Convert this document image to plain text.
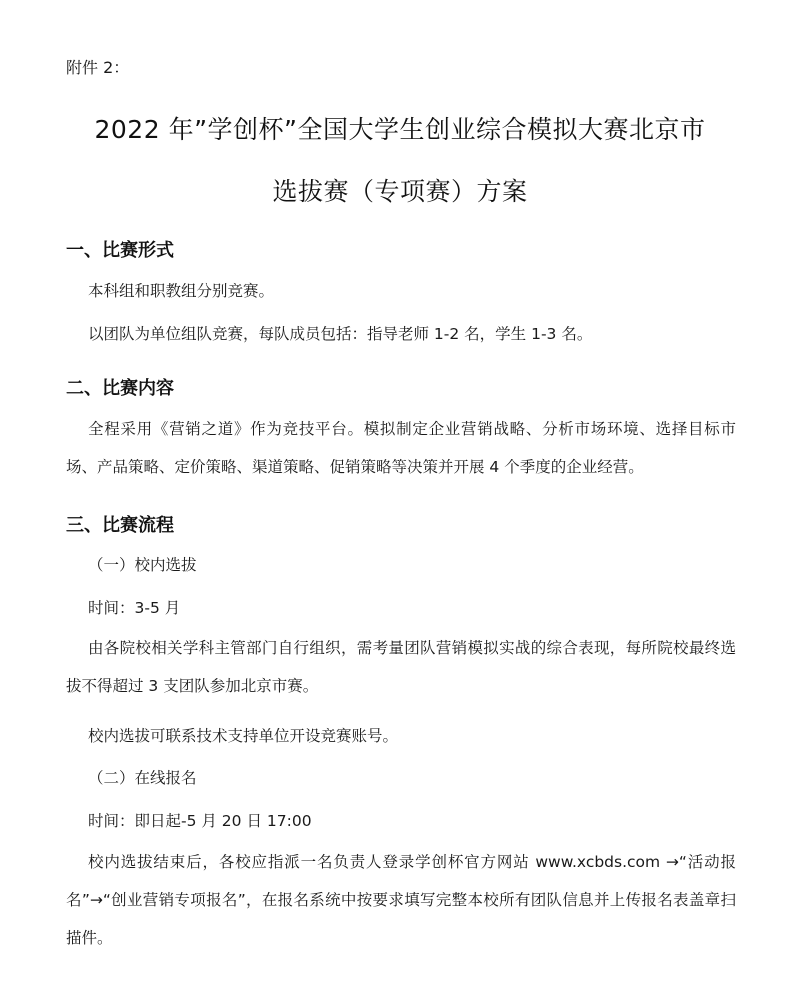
附件 2：
2022 年”学创杯”全国大学生创业综合模拟大赛北京市
选拔赛（专项赛）方案
一、比赛形式
本科组和职教组分别竞赛。
以团队为单位组队竞赛，每队成员包括：指导老师 1-2 名，学生 1-3 名。
二、比赛内容
全程采用《营销之道》作为竞技平台。模拟制定企业营销战略、分析市场环境、选择目标市场、产品策略、定价策略、渠道策略、促销策略等决策并开展 4 个季度的企业经营。
三、比赛流程
（一）校内选拔
时间：3-5 月
由各院校相关学科主管部门自行组织，需考量团队营销模拟实战的综合表现，每所院校最终选拔不得超过 3 支团队参加北京市赛。
校内选拔可联系技术支持单位开设竞赛账号。
（二）在线报名
时间：即日起-5 月 20 日 17:00
校内选拔结束后，各校应指派一名负责人登录学创杯官方网站 www.xcbds.com →“活动报名”→“创业营销专项报名”，在报名系统中按要求填写完整本校所有团队信息并上传报名表盖章扫描件。
